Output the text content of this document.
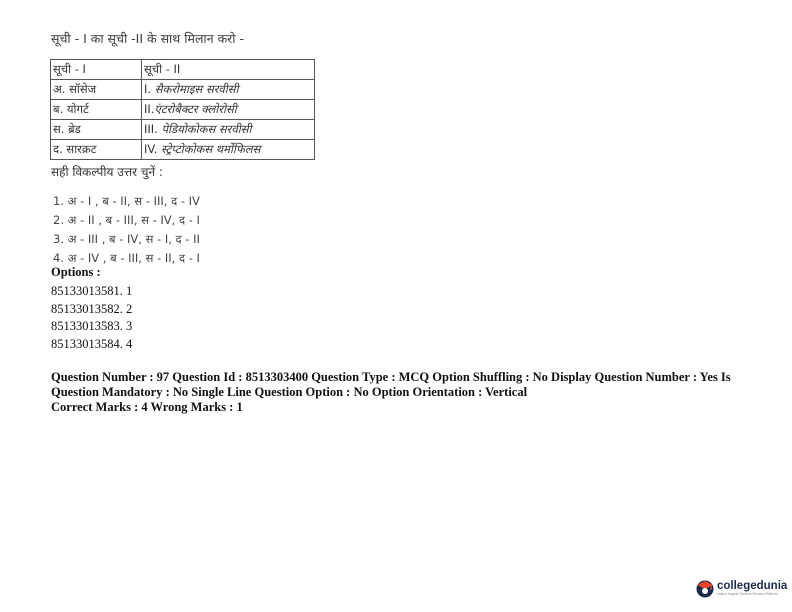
सूची - I का सूची -II के साथ मिलान करो -
सूची - I	सूची - II
अ. सॉसेज	I. सैकरोमाइस सरवीसी
ब. योगर्ट	II.एंटरोबैक्टर क्लोरोसी
स. ब्रेड	III. पेडियोकोकस सरवीसी
द. सारक्रट	IV. स्ट्रेप्टोकोकस थर्मोफिलस
सही विकल्पीय उत्तर चुनें :
1. अ - I , ब - II, स - III, द - IV
2. अ - II , ब - III, स - IV, द - I
3. अ - III , ब - IV, स - I, द - II
4. अ - IV , ब - III, स - II, द - I
Options :
85133013581. 1
85133013582. 2
85133013583. 3
85133013584. 4

Question Number : 97 Question Id : 8513303400 Question Type : MCQ Option Shuffling : No Display Question Number : Yes Is

Question Mandatory : No Single Line Question Option : No Option Orientation : Vertical

Correct Marks : 4 Wrong Marks : 1

collegedunia
India's largest Student Review Platform
